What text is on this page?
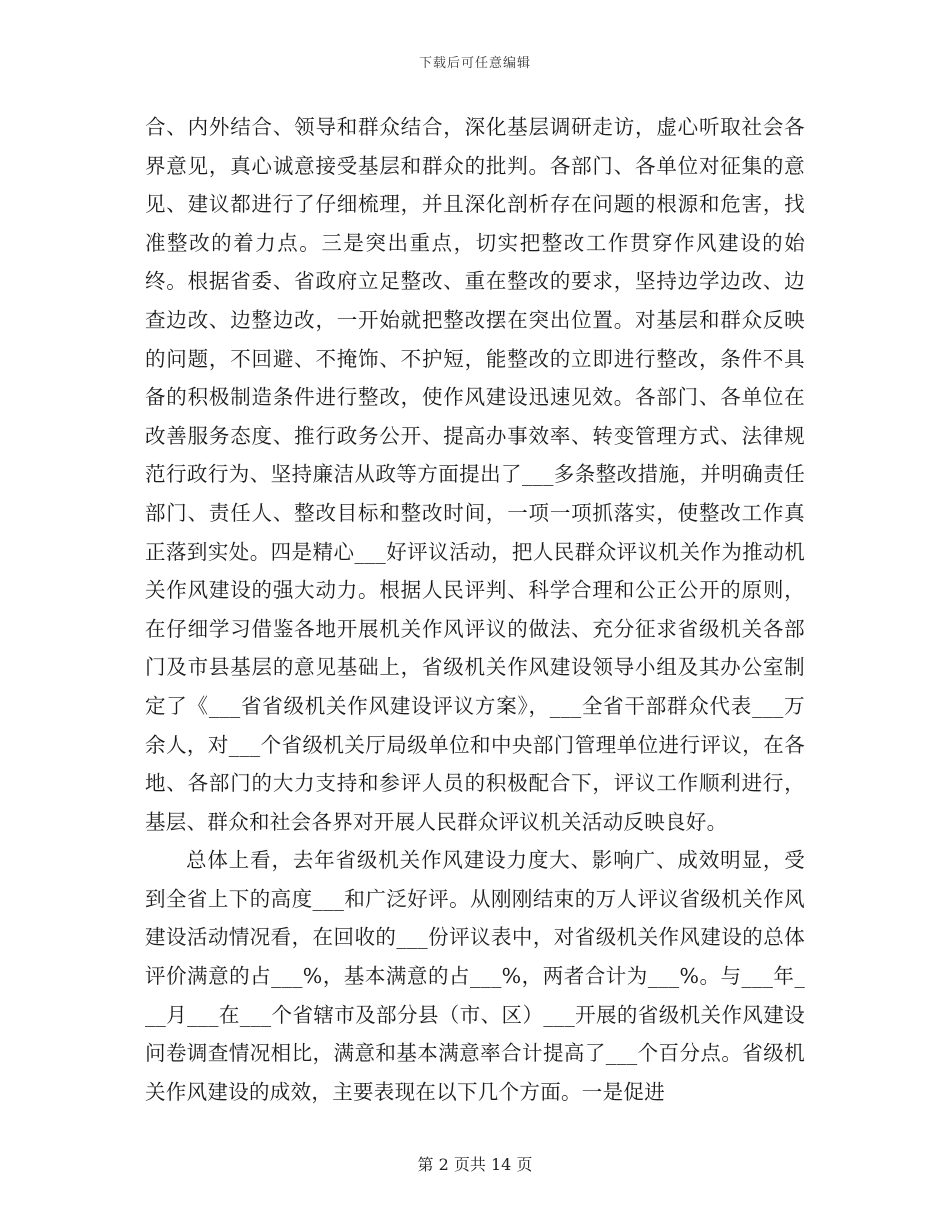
下载后可任意编辑

合、内外结合、领导和群众结合，深化基层调研走访，虚心听取社会各界意见，真心诚意接受基层和群众的批判。各部门、各单位对征集的意见、建议都进行了仔细梳理，并且深化剖析存在问题的根源和危害，找准整改的着力点。三是突出重点，切实把整改工作贯穿作风建设的始终。根据省委、省政府立足整改、重在整改的要求，坚持边学边改、边查边改、边整边改，一开始就把整改摆在突出位置。对基层和群众反映的问题，不回避、不掩饰、不护短，能整改的立即进行整改，条件不具备的积极制造条件进行整改，使作风建设迅速见效。各部门、各单位在改善服务态度、推行政务公开、提高办事效率、转变管理方式、法律规范行政行为、坚持廉洁从政等方面提出了___多条整改措施，并明确责任部门、责任人、整改目标和整改时间，一项一项抓落实，使整改工作真正落到实处。四是精心___好评议活动，把人民群众评议机关作为推动机关作风建设的强大动力。根据人民评判、科学合理和公正公开的原则，在仔细学习借鉴各地开展机关作风评议的做法、充分征求省级机关各部门及市县基层的意见基础上，省级机关作风建设领导小组及其办公室制定了《___省省级机关作风建设评议方案》，___全省干部群众代表___万余人，对___个省级机关厅局级单位和中央部门管理单位进行评议，在各地、各部门的大力支持和参评人员的积极配合下，评议工作顺利进行，基层、群众和社会各界对开展人民群众评议机关活动反映良好。

总体上看，去年省级机关作风建设力度大、影响广、成效明显，受到全省上下的高度___和广泛好评。从刚刚结束的万人评议省级机关作风建设活动情况看，在回收的___份评议表中，对省级机关作风建设的总体评价满意的占___%，基本满意的占___%，两者合计为___%。与___年___月___在___个省辖市及部分县（市、区）___开展的省级机关作风建设问卷调查情况相比，满意和基本满意率合计提高了___个百分点。省级机关作风建设的成效，主要表现在以下几个方面。一是促进

第 2 页共 14 页
